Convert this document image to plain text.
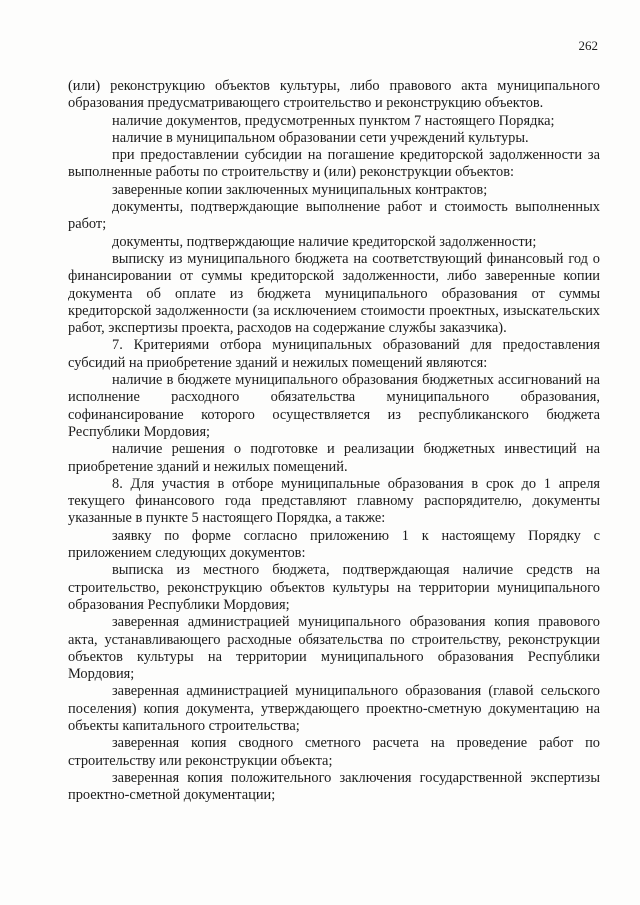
262

(или) реконструкцию объектов культуры, либо правового акта муниципального образования предусматривающего строительство и реконструкцию объектов.

наличие документов, предусмотренных пунктом 7 настоящего Порядка;

наличие в муниципальном образовании сети учреждений культуры.

при предоставлении субсидии на погашение кредиторской задолженности за выполненные работы по строительству и (или) реконструкции объектов:

заверенные копии заключенных муниципальных контрактов;

документы, подтверждающие выполнение работ и стоимость выполненных работ;

документы, подтверждающие наличие кредиторской задолженности;

выписку из муниципального бюджета на соответствующий финансовый год о финансировании от суммы кредиторской задолженности, либо заверенные копии документа об оплате из бюджета муниципального образования от суммы кредиторской задолженности (за исключением стоимости проектных, изыскательских работ, экспертизы проекта, расходов на содержание службы заказчика).

7. Критериями отбора муниципальных образований для предоставления субсидий на приобретение зданий и нежилых помещений являются:

наличие в бюджете муниципального образования бюджетных ассигнований на исполнение расходного обязательства муниципального образования, софинансирование которого осуществляется из республиканского бюджета Республики Мордовия;

наличие решения о подготовке и реализации бюджетных инвестиций на приобретение зданий и нежилых помещений.

8. Для участия в отборе муниципальные образования в срок до 1 апреля текущего финансового года представляют главному распорядителю, документы указанные в пункте 5 настоящего Порядка, а также:

заявку по форме согласно приложению 1 к настоящему Порядку с приложением следующих документов:

выписка из местного бюджета, подтверждающая наличие средств на строительство, реконструкцию объектов культуры на территории муниципального образования Республики Мордовия;

заверенная администрацией муниципального образования копия правового акта, устанавливающего расходные обязательства по строительству, реконструкции объектов культуры на территории муниципального образования Республики Мордовия;

заверенная администрацией муниципального образования (главой сельского поселения) копия документа, утверждающего проектно-сметную документацию на объекты капитального строительства;

заверенная копия сводного сметного расчета на проведение работ по строительству или реконструкции объекта;

заверенная копия положительного заключения государственной экспертизы проектно-сметной документации;
